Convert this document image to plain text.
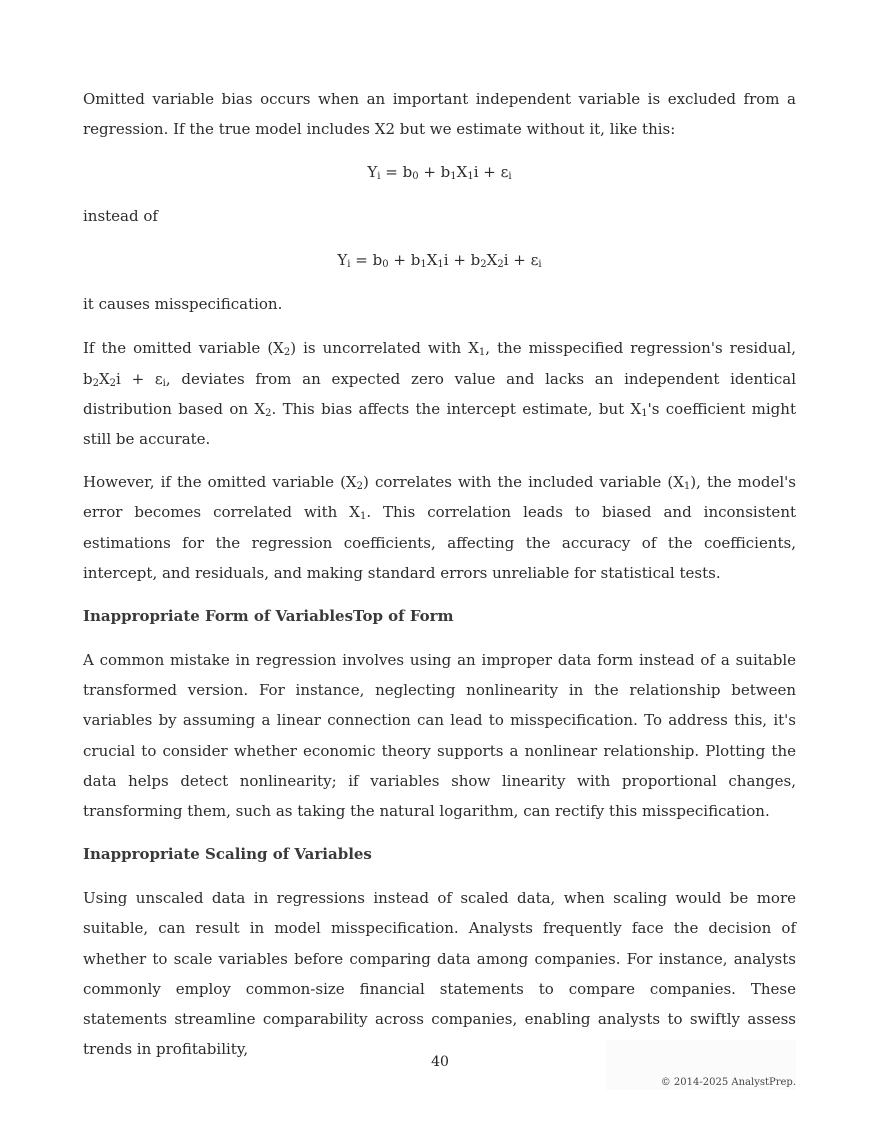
Omitted variable bias occurs when an important independent variable is excluded from a regression. If the true model includes X2 but we estimate without it, like this:

$Y_i = b_0 + b_1X_1i + \varepsilon_i$

instead of

$Y_i = b_0 + b_1X_1i + b_2X_2i + \varepsilon_i$

it causes misspecification.

If the omitted variable $(X_2)$ is uncorrelated with $X_1$, the misspecified regression's residual, $b_2X_2i + \varepsilon_i$, deviates from an expected zero value and lacks an independent identical distribution based on $X_2$. This bias affects the intercept estimate, but $X_1's$ coefficient might still be accurate.

However, if the omitted variable $(X_2)$ correlates with the included variable $(X_1)$, the model's error becomes correlated with $X_1$. This correlation leads to biased and inconsistent estimations for the regression coefficients, affecting the accuracy of the coefficients, intercept, and residuals, and making standard errors unreliable for statistical tests.

Inappropriate Form of VariablesTop of Form

A common mistake in regression involves using an improper data form instead of a suitable transformed version. For instance, neglecting nonlinearity in the relationship between variables by assuming a linear connection can lead to misspecification. To address this, it's crucial to consider whether economic theory supports a nonlinear relationship. Plotting the data helps detect nonlinearity; if variables show linearity with proportional changes, transforming them, such as taking the natural logarithm, can rectify this misspecification.

Inappropriate Scaling of Variables

Using unscaled data in regressions instead of scaled data, when scaling would be more suitable, can result in model misspecification. Analysts frequently face the decision of whether to scale variables before comparing data among companies. For instance, analysts commonly employ common-size financial statements to compare companies. These statements streamline comparability across companies, enabling analysts to swiftly assess trends in profitability,

40
© 2014-2025 AnalystPrep.
